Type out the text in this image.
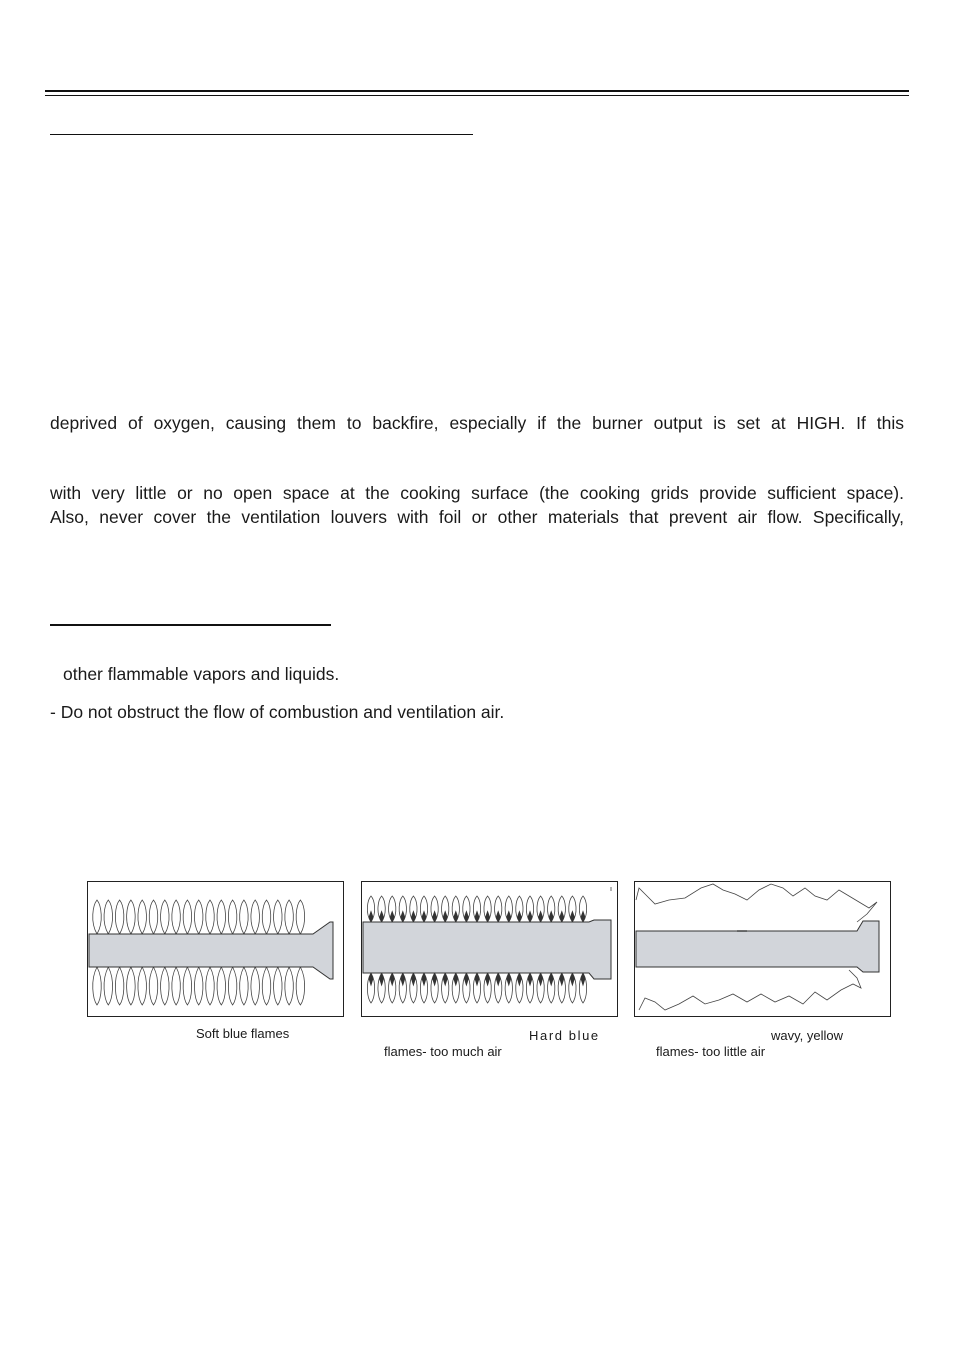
deprived of oxygen, causing them to backfire, especially if the burner output is set at HIGH. If this
with very little or no open space at the cooking surface (the cooking grids provide sufficient space).
Also, never cover the ventilation louvers with foil or other materials that prevent air flow. Specifically,
other flammable vapors and liquids.
- Do not obstruct the flow of combustion and ventilation air.
Soft blue flames	Hard blue
flames- too much air
wavy, yellow
flames- too little air
